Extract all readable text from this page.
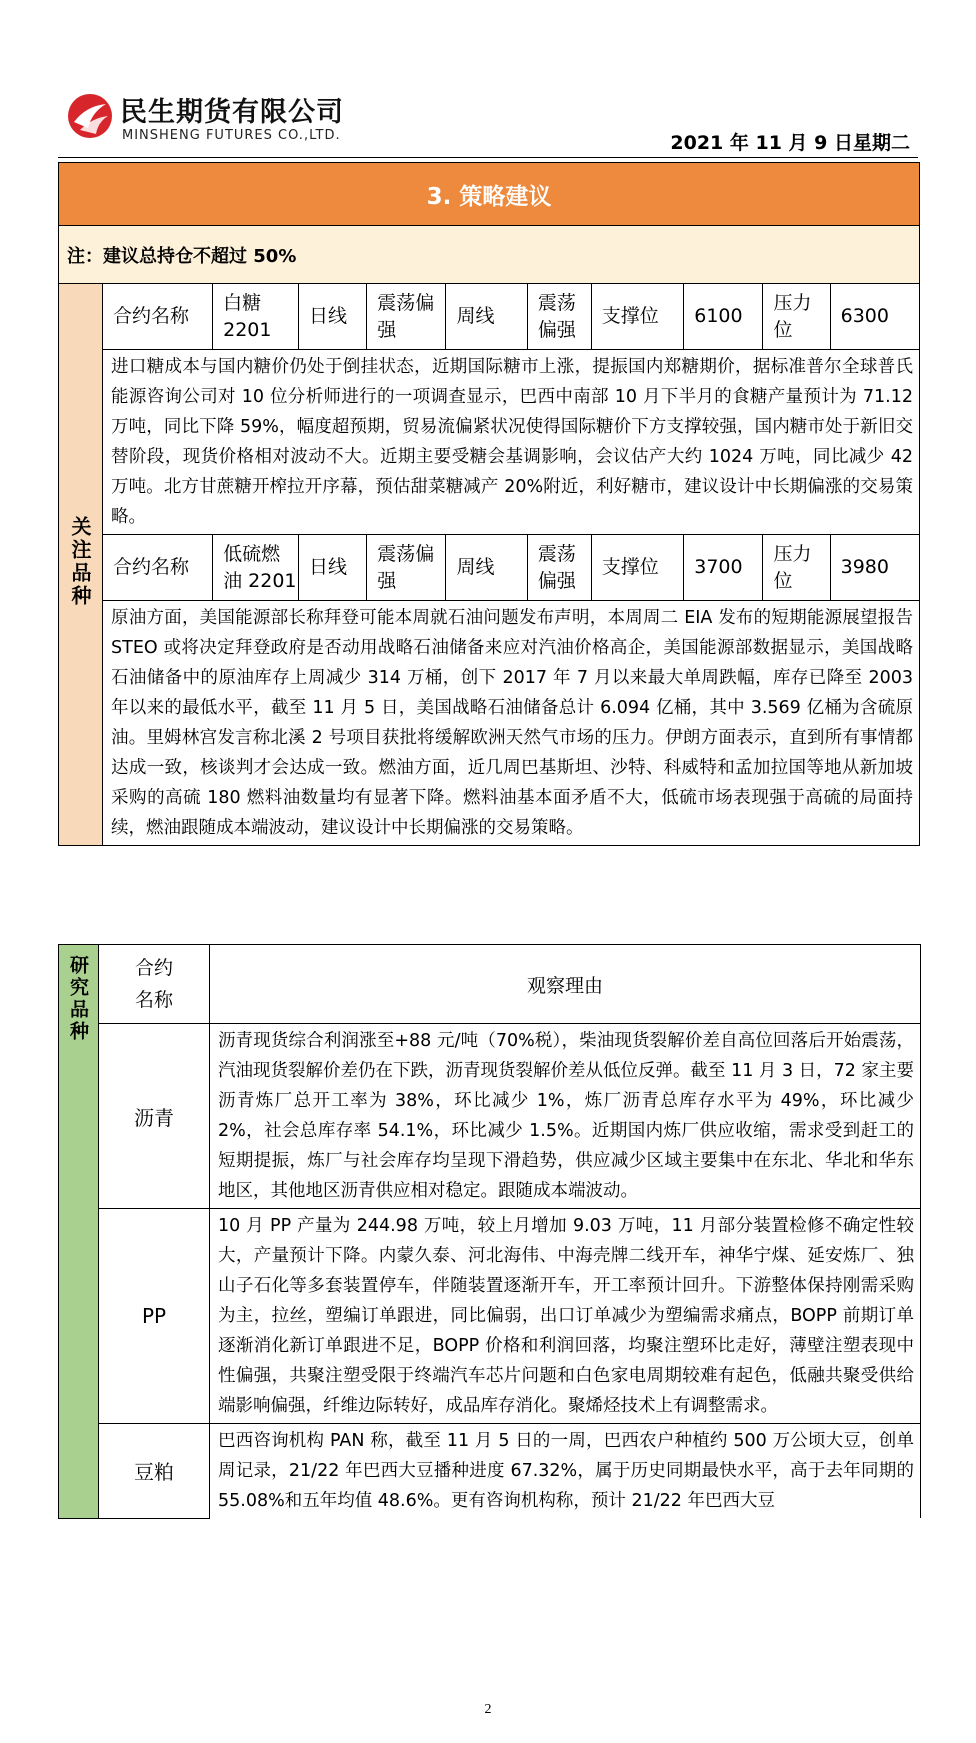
民生期货有限公司
MINSHENG FUTURES CO.,LTD.	2021 年 11 月 9 日星期二
3. 策略建议										
注：建议总持仓不超过 50%										
关注品种	合约名称	白糖 2201	日线	震荡偏强	周线	震荡偏强	支撑位	6100	压力位	6300
	进口糖成本与国内糖价仍处于倒挂状态，近期国际糖市上涨，提振国内郑糖期价，据标准普尔全球普氏能源咨询公司对 10 位分析师进行的一项调查显示，巴西中南部 10 月下半月的食糖产量预计为 71.12 万吨，同比下降 59%，幅度超预期，贸易流偏紧状况使得国际糖价下方支撑较强，国内糖市处于新旧交替阶段，现货价格相对波动不大。近期主要受糖会基调影响，会议估产大约 1024 万吨，同比减少 42 万吨。北方甘蔗糖开榨拉开序幕，预估甜菜糖减产 20%附近，利好糖市，建议设计中长期偏涨的交易策略。									
	合约名称	低硫燃油 2201	日线	震荡偏强	周线	震荡偏强	支撑位	3700	压力位	3980
	原油方面，美国能源部长称拜登可能本周就石油问题发布声明，本周周二 EIA 发布的短期能源展望报告 STEO 或将决定拜登政府是否动用战略石油储备来应对汽油价格高企，美国能源部数据显示，美国战略石油储备中的原油库存上周减少 314 万桶，创下 2017 年 7 月以来最大单周跌幅，库存已降至 2003 年以来的最低水平，截至 11 月 5 日，美国战略石油储备总计 6.094 亿桶，其中 3.569 亿桶为含硫原油。里姆林宫发言称北溪 2 号项目获批将缓解欧洲天然气市场的压力。伊朗方面表示，直到所有事情都达成一致，核谈判才会达成一致。燃油方面，近几周巴基斯坦、沙特、科威特和孟加拉国等地从新加坡采购的高硫 180 燃料油数量均有显著下降。燃料油基本面矛盾不大，低硫市场表现强于高硫的局面持续，燃油跟随成本端波动，建议设计中长期偏涨的交易策略。									
研究品种	合约名称	观察理由
	沥青	沥青现货综合利润涨至+88 元/吨（70%税），柴油现货裂解价差自高位回落后开始震荡，汽油现货裂解价差仍在下跌，沥青现货裂解价差从低位反弹。截至 11 月 3 日，72 家主要沥青炼厂总开工率为 38%，环比减少 1%，炼厂沥青总库存水平为 49%，环比减少 2%，社会总库存率 54.1%，环比减少 1.5%。近期国内炼厂供应收缩，需求受到赶工的短期提振，炼厂与社会库存均呈现下滑趋势，供应减少区域主要集中在东北、华北和华东地区，其他地区沥青供应相对稳定。跟随成本端波动。
	PP	10 月 PP 产量为 244.98 万吨，较上月增加 9.03 万吨，11 月部分装置检修不确定性较大，产量预计下降。内蒙久泰、河北海伟、中海壳牌二线开车，神华宁煤、延安炼厂、独山子石化等多套装置停车，伴随装置逐渐开车，开工率预计回升。下游整体保持刚需采购为主，拉丝，塑编订单跟进，同比偏弱，出口订单减少为塑编需求痛点，BOPP 前期订单逐渐消化新订单跟进不足，BOPP 价格和利润回落，均聚注塑环比走好，薄壁注塑表现中性偏强，共聚注塑受限于终端汽车芯片问题和白色家电周期较难有起色，低融共聚受供给端影响偏强，纤维边际转好，成品库存消化。聚烯烃技术上有调整需求。
	豆粕	巴西咨询机构 PAN 称，截至 11 月 5 日的一周，巴西农户种植约 500 万公顷大豆，创单周记录，21/22 年巴西大豆播种进度 67.32%，属于历史同期最快水平，高于去年同期的 55.08%和五年均值 48.6%。更有咨询机构称，预计 21/22 年巴西大豆
2
